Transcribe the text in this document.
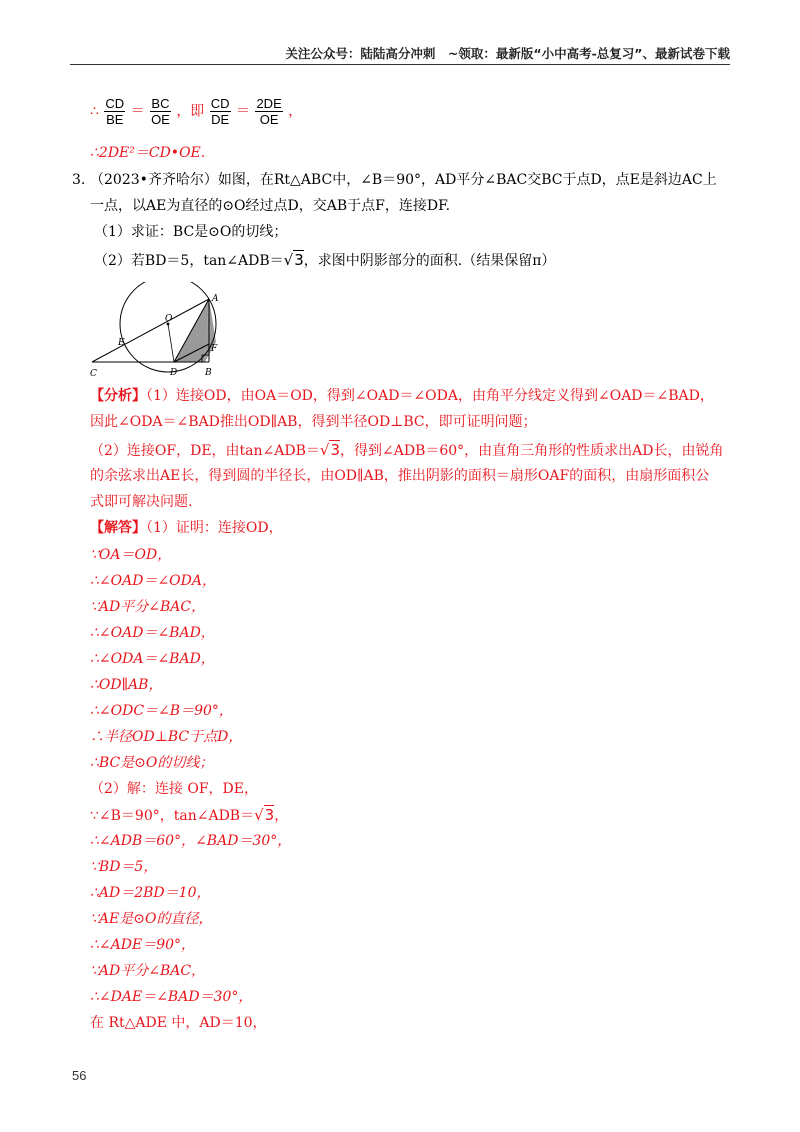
关注公众号：陆陆高分冲刺　~领取：最新版“小中高考-总复习”、最新试卷下载
∴ $\frac{CD}{BE} = \frac{BC}{OE}$ ，即 $\frac{CD}{DE} = \frac{2DE}{OE}$ ，
∴2DE²＝CD•OE.
3. （2023•齐齐哈尔）如图，在Rt△ABC中，∠B＝90°，AD平分∠BAC交BC于点D，点E是斜边AC上
一点，以AE为直径的⊙O经过点D，交AB于点F，连接DF.
（1）求证：BC是⊙O的切线；
（2）若BD＝5，tan∠ADB＝√3，求图中阴影部分的面积.（结果保留π）
A
B
C	D
E
F
O
【分析】（1）连接OD，由OA＝OD，得到∠OAD＝∠ODA，由角平分线定义得到∠OAD＝∠BAD，
因此∠ODA＝∠BAD推出OD∥AB，得到半径OD⊥BC，即可证明问题；
（2）连接OF，DE，由tan∠ADB＝√3，得到∠ADB＝60°，由直角三角形的性质求出AD长，由锐角
的余弦求出AE长，得到圆的半径长，由OD∥AB，推出阴影的面积＝扇形OAF的面积，由扇形面积公
式即可解决问题.
【解答】（1）证明：连接OD，
∵OA＝OD，
∴∠OAD＝∠ODA，
∵AD平分∠BAC，
∴∠OAD＝∠BAD，
∴∠ODA＝∠BAD，
∴OD∥AB，
∴∠ODC＝∠B＝90°，
∴半径OD⊥BC于点D，
∴BC是⊙O的切线；
（2）解：连接 OF，DE，
∵∠B＝90°，tan∠ADB＝√3，
∴∠ADB＝60°，∠BAD＝30°，
∵BD＝5，
∴AD＝2BD＝10，
∵AE是⊙O的直径，
∴∠ADE＝90°，
∵AD平分∠BAC，
∴∠DAE＝∠BAD＝30°，
在 Rt△ADE 中，AD＝10，
56
